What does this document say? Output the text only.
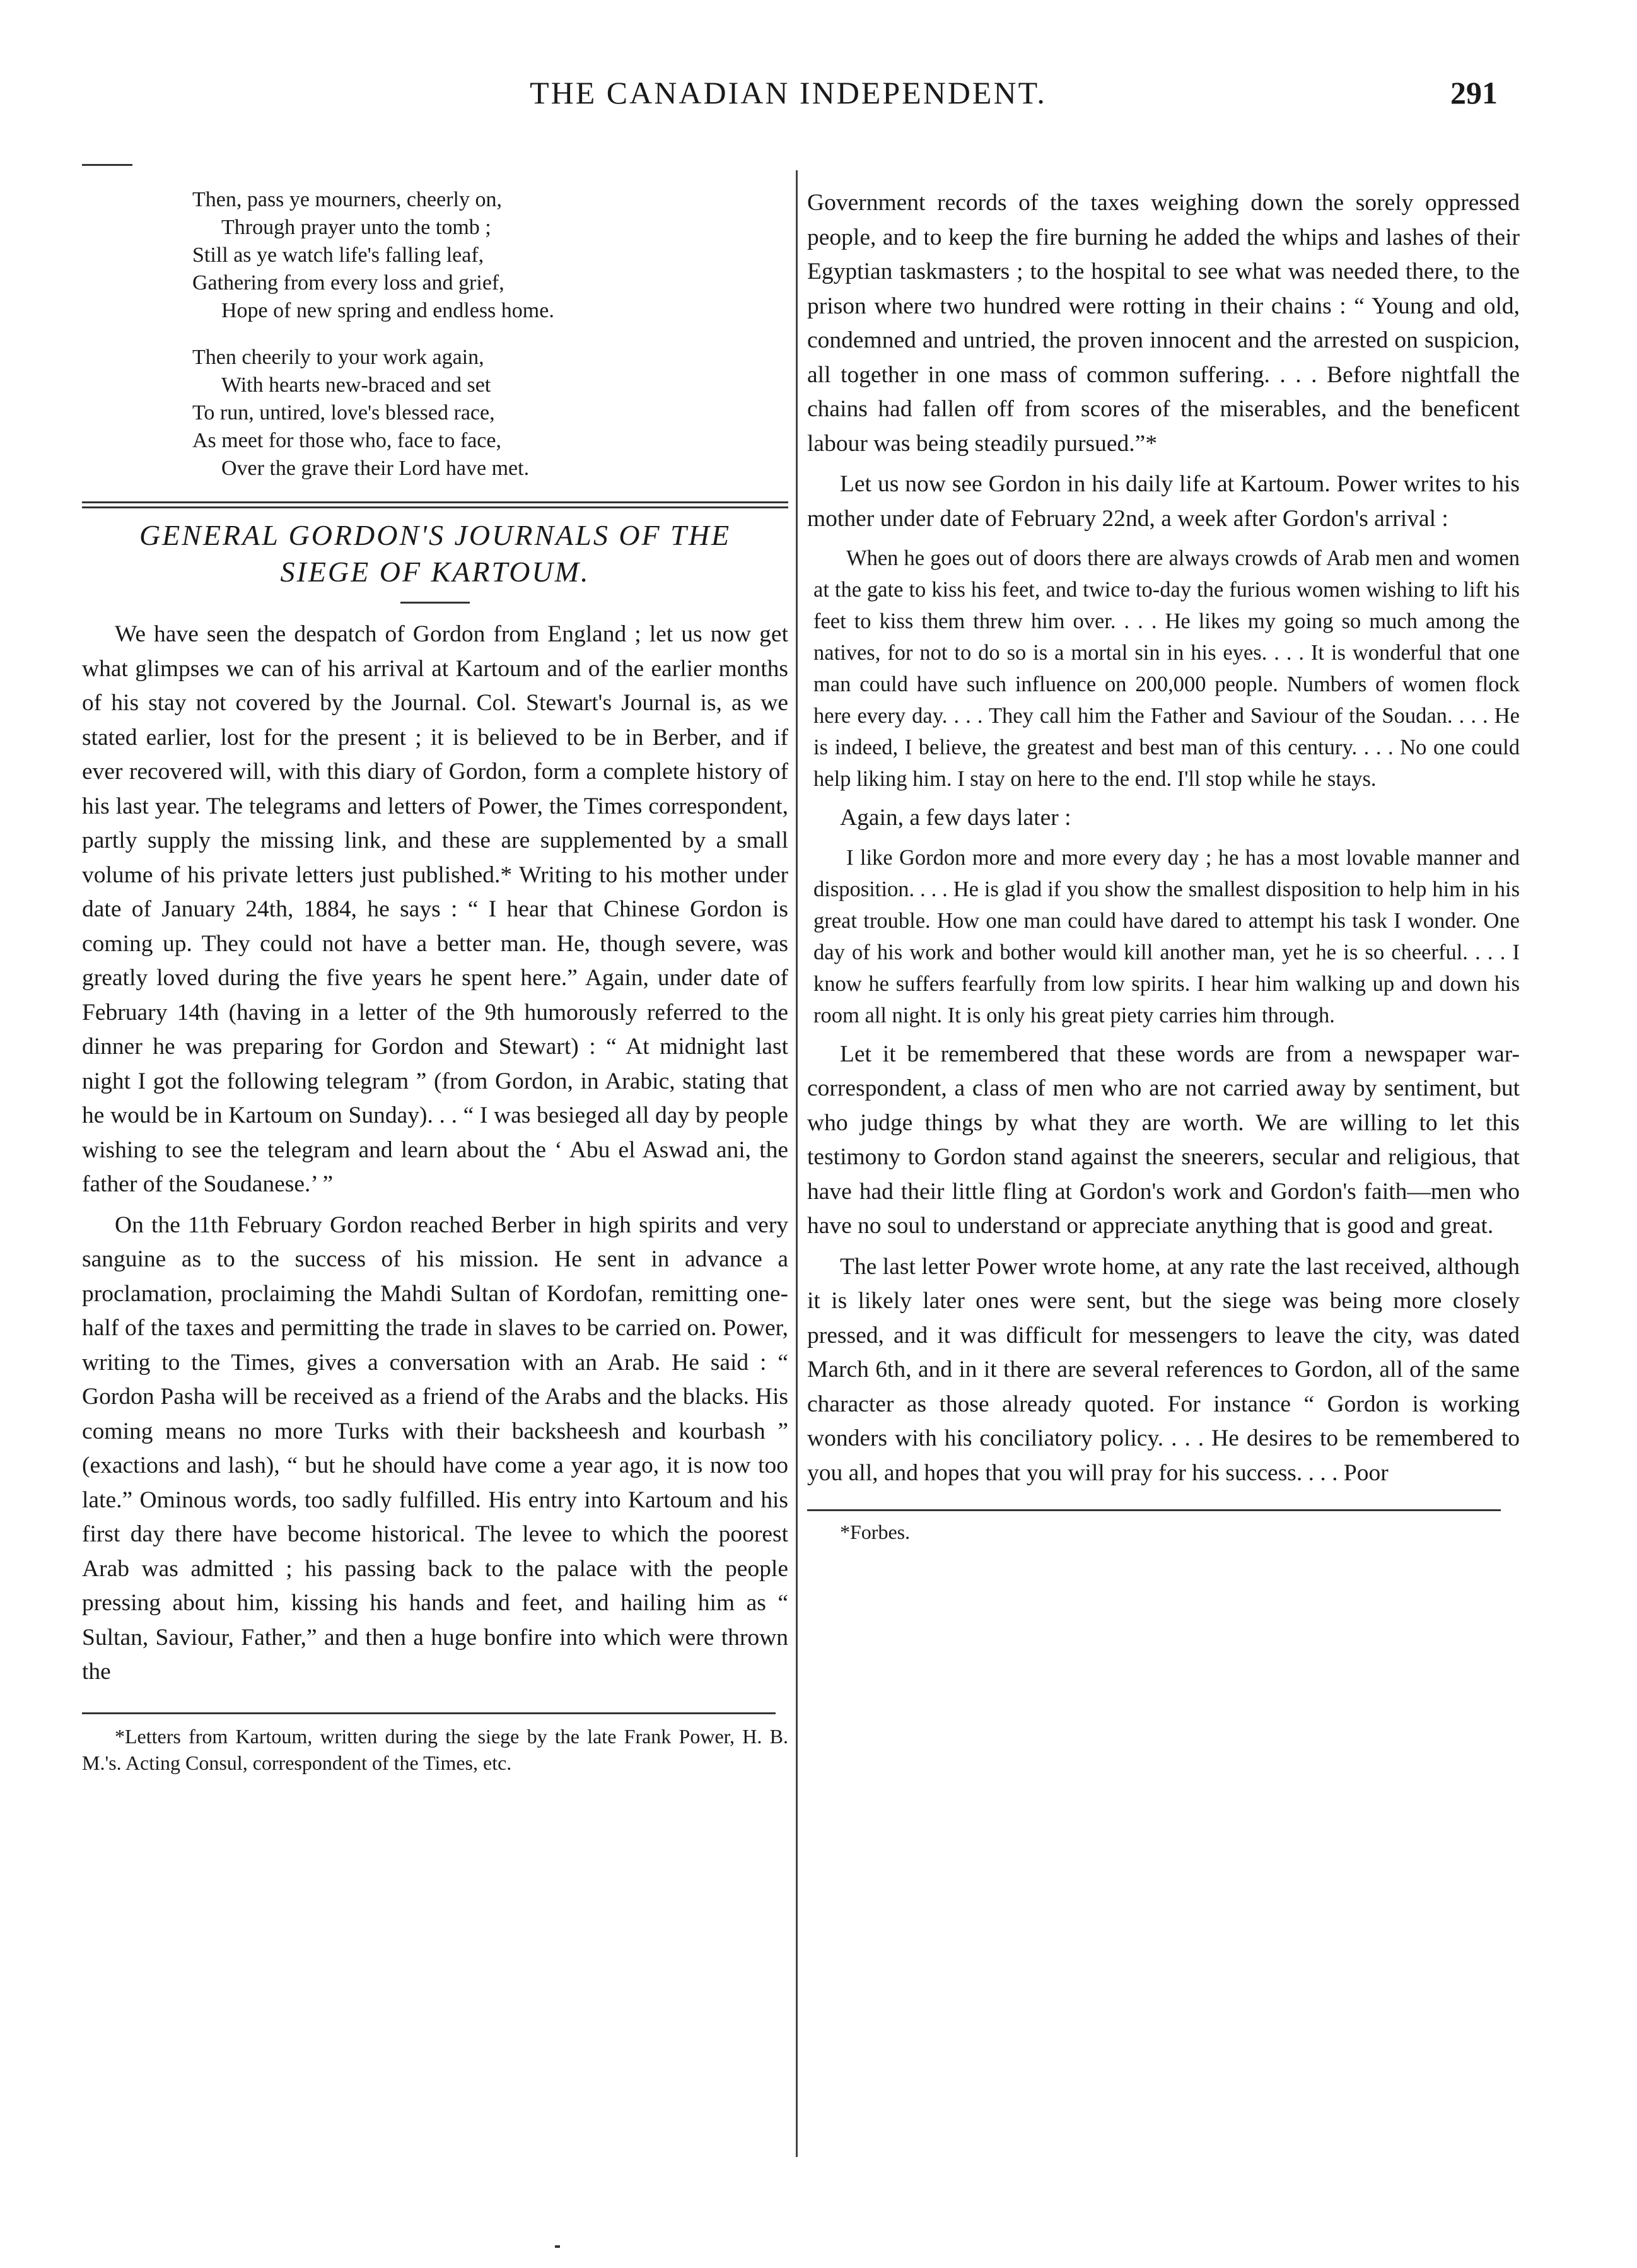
THE CANADIAN INDEPENDENT.	291
Then, pass ye mourners, cheerly on,
Through prayer unto the tomb ;
Still as ye watch life's falling leaf,
Gathering from every loss and grief,
Hope of new spring and endless home.
Then cheerily to your work again,
With hearts new-braced and set
To run, untired, love's blessed race,
As meet for those who, face to face,
Over the grave their Lord have met.
GENERAL GORDON'S JOURNALS OF THE
SIEGE OF KARTOUM.

We have seen the despatch of Gordon from England ; let us now get what glimpses we can of his arrival at Kartoum and of the earlier months of his stay not covered by the Journal. Col. Stewart's Journal is, as we stated earlier, lost for the present ; it is believed to be in Berber, and if ever recovered will, with this diary of Gordon, form a complete history of his last year. The telegrams and letters of Power, the Times correspondent, partly supply the missing link, and these are supplemented by a small volume of his private letters just published.* Writing to his mother under date of January 24th, 1884, he says : “ I hear that Chinese Gordon is coming up. They could not have a better man. He, though severe, was greatly loved during the five years he spent here.” Again, under date of February 14th (having in a letter of the 9th humorously referred to the dinner he was preparing for Gordon and Stewart) : “ At midnight last night I got the following telegram ” (from Gordon, in Arabic, stating that he would be in Kartoum on Sunday). . . “ I was besieged all day by people wishing to see the telegram and learn about the ‘ Abu el Aswad ani, the father of the Soudanese.’ ”

On the 11th February Gordon reached Berber in high spirits and very sanguine as to the success of his mission. He sent in advance a proclamation, proclaiming the Mahdi Sultan of Kordofan, remitting one-half of the taxes and permitting the trade in slaves to be carried on. Power, writing to the Times, gives a conversation with an Arab. He said : “ Gordon Pasha will be received as a friend of the Arabs and the blacks. His coming means no more Turks with their backsheesh and kourbash ” (exactions and lash), “ but he should have come a year ago, it is now too late.” Ominous words, too sadly fulfilled. His entry into Kartoum and his first day there have become historical. The levee to which the poorest Arab was admitted ; his passing back to the palace with the people pressing about him, kissing his hands and feet, and hailing him as “ Sultan, Saviour, Father,” and then a huge bonfire into which were thrown the

*Letters from Kartoum, written during the siege by the late Frank Power, H. B. M.'s. Acting Consul, correspondent of the Times, etc.

Government records of the taxes weighing down the sorely oppressed people, and to keep the fire burning he added the whips and lashes of their Egyptian taskmasters ; to the hospital to see what was needed there, to the prison where two hundred were rotting in their chains : “ Young and old, condemned and untried, the proven innocent and the arrested on suspicion, all together in one mass of common suffering. . . . Before nightfall the chains had fallen off from scores of the miserables, and the beneficent labour was being steadily pursued.”*

Let us now see Gordon in his daily life at Kartoum. Power writes to his mother under date of February 22nd, a week after Gordon's arrival :

When he goes out of doors there are always crowds of Arab men and women at the gate to kiss his feet, and twice to-day the furious women wishing to lift his feet to kiss them threw him over. . . . He likes my going so much among the natives, for not to do so is a mortal sin in his eyes. . . . It is wonderful that one man could have such influence on 200,000 people. Numbers of women flock here every day. . . . They call him the Father and Saviour of the Soudan. . . . He is indeed, I believe, the greatest and best man of this century. . . . No one could help liking him. I stay on here to the end. I'll stop while he stays.

Again, a few days later :

I like Gordon more and more every day ; he has a most lovable manner and disposition. . . . He is glad if you show the smallest disposition to help him in his great trouble. How one man could have dared to attempt his task I wonder. One day of his work and bother would kill another man, yet he is so cheerful. . . . I know he suffers fearfully from low spirits. I hear him walking up and down his room all night. It is only his great piety carries him through.

Let it be remembered that these words are from a newspaper war-correspondent, a class of men who are not carried away by sentiment, but who judge things by what they are worth. We are willing to let this testimony to Gordon stand against the sneerers, secular and religious, that have had their little fling at Gordon's work and Gordon's faith—men who have no soul to understand or appreciate anything that is good and great.

The last letter Power wrote home, at any rate the last received, although it is likely later ones were sent, but the siege was being more closely pressed, and it was difficult for messengers to leave the city, was dated March 6th, and in it there are several references to Gordon, all of the same character as those already quoted. For instance “ Gordon is working wonders with his conciliatory policy. . . . He desires to be remembered to you all, and hopes that you will pray for his success. . . . Poor

*Forbes.
